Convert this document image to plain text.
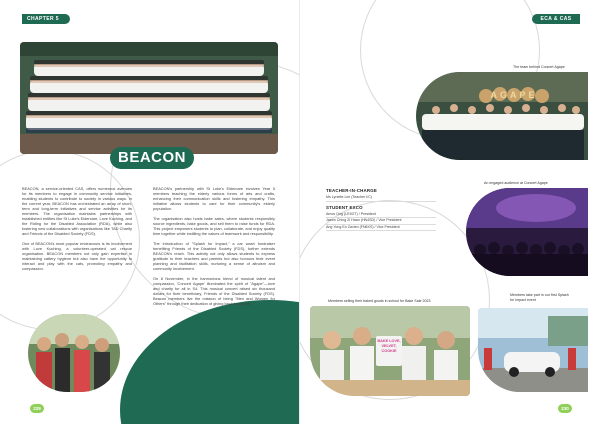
CHAPTER 5
BEACON

BEACON, a service-oriented CAS, offers numerous avenues for its members to engage in community service initiatives, enabling students to contribute to society in various ways. In the current year, BEACON has orchestrated an array of short-term and long-term initiatives and service activities for its members. The organisation maintains partnerships with established entities like St Luke's Eldercare, Love Kuching, and the Riding for the Disabled Association (RDA), while also fostering new collaborations with organisations like TAD Charity and Friends of the Disabled Society (FDS).

One of BEACON's most popular endeavours is its involvement with Love Kuching, a volunteer-operated cat rescue organisation. BEACON members not only gain expertise in maintaining cattery hygiene but also have the opportunity to interact and play with the cats, promoting empathy and compassion.

BEACON's partnership with St Luke's Eldercare involves Year 5 members teaching the elderly various forms of arts and crafts, enhancing their communication skills and fostering empathy. This initiative allows students to care for their community's elderly population.

The organisation also hosts bake sales, where students responsibly source ingredients, bake goods, and sell them to raise funds for RDA. This project empowers students to plan, collaborate, and enjoy quality time together while instilling the values of teamwork and responsibility.

The introduction of "Splash for Impact," a car wash fundraiser benefiting Friends of the Disabled Society (FDS), further extends BEACON's reach. This activity not only allows students to express gratitude to their teachers and parents but also honours their event planning and facilitation skills, nurturing a sense of altruism and community involvement.

On 8 November, in the harmonious blend of musical talent and compassion, 'Concert Agape' illuminated the spirit of "Agape"—love and charity for all in S4. This musical concert raised six thousand dollars for their beneficiary, Friends of the Disabled Society (FDS). Beacon members live the mission of being "Men and Women for Others" through their dedication of giving back to society.

229
ECA & CAS
The team behind Concert Agape
AGAPE
TEACHER-IN-CHARGE
Ms Lynette Lim (Teacher I/C)
STUDENT EXCO
Amos Ong (LE5GT) / President
Jaeon Ching Zi Haan (HN4SD) / Vice President
Ang Yong En Zavien (FN6XS) / Vice President
An engaged audience at Concert Agape
Members selling their baked goods in school for Bake Sale 2023
BAKE LOVE, VELVET, COOKIE
Members take part in our first Splash for Impact event
230
